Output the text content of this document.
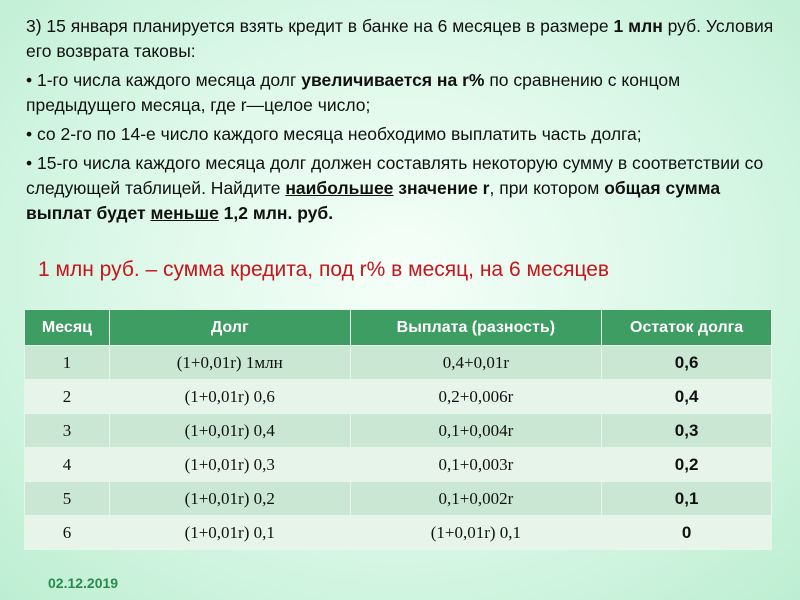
3) 15 января планируется взять кредит в банке на 6 месяцев в размере 1 млн руб. Условия его возврата таковы:

• 1-го числа каждого месяца долг увеличивается на r% по сравнению с концом предыдущего месяца, где r—целое число;

• со 2-го по 14-е число каждого месяца необходимо выплатить часть долга;

• 15-го числа каждого месяца долг должен составлять некоторую сумму в соответствии со следующей таблицей. Найдите наибольшее значение r, при котором общая сумма выплат будет меньше 1,2 млн. руб.

1 млн руб. – сумма кредита, под r% в месяц, на 6 месяцев
Месяц	Долг	Выплата (разность)	Остаток долга
1	(1+0,01r) 1млн	0,4+0,01r	0,6
2	(1+0,01r) 0,6	0,2+0,006r	0,4
3	(1+0,01r) 0,4	0,1+0,004r	0,3
4	(1+0,01r) 0,3	0,1+0,003r	0,2
5	(1+0,01r) 0,2	0,1+0,002r	0,1
6	(1+0,01r) 0,1	(1+0,01r) 0,1	0
02.12.2019
